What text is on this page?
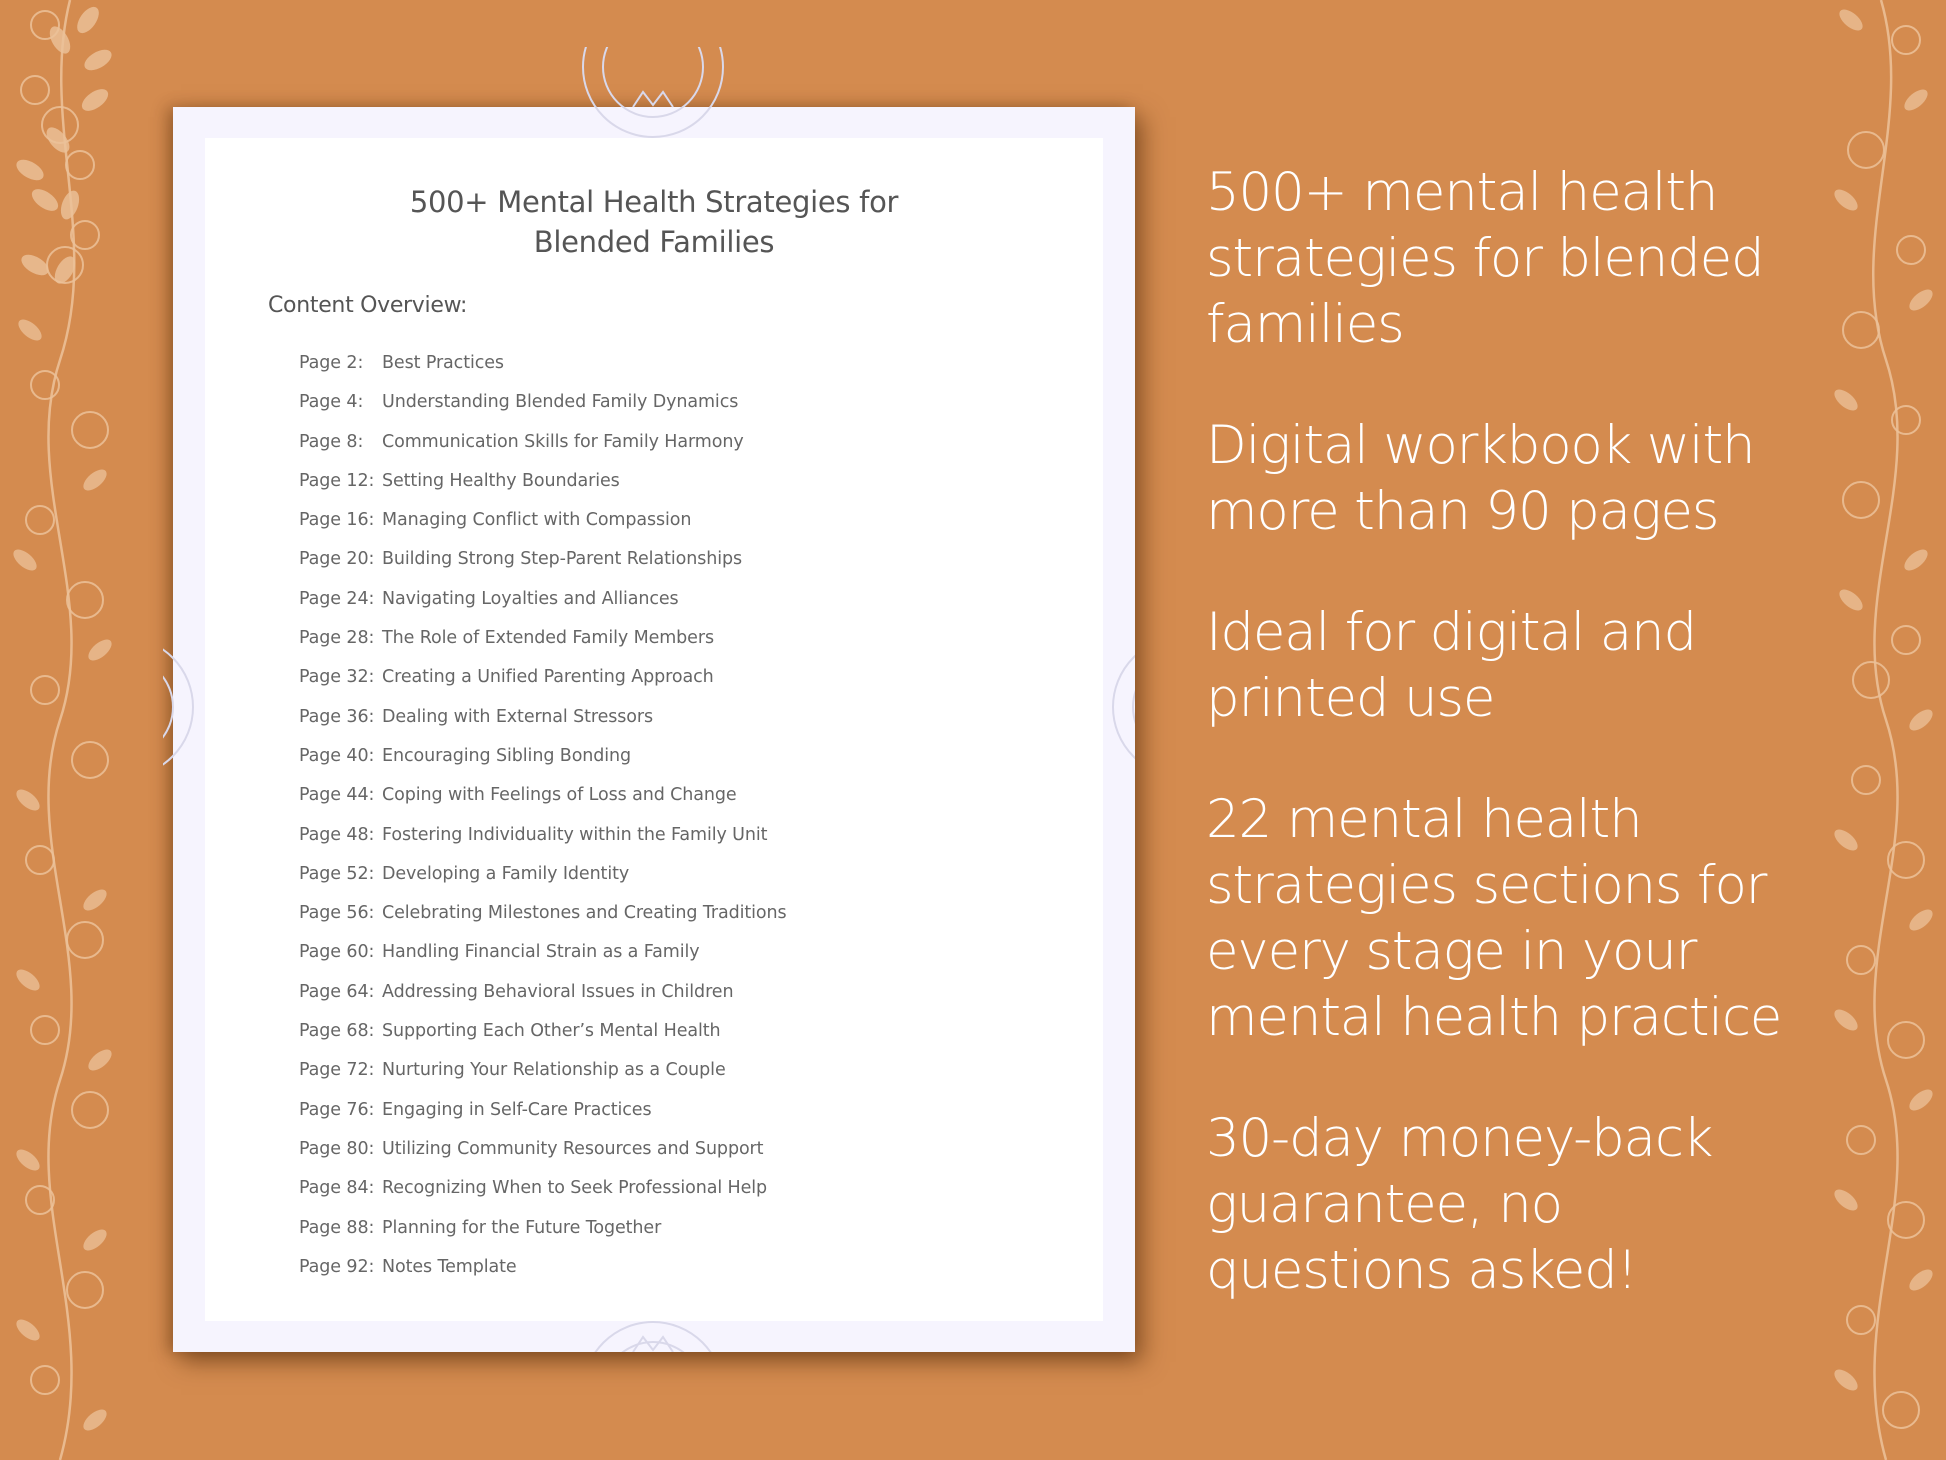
500+ Mental Health Strategies for
Blended Families
Content Overview:
Page 2: Best Practices
Page 4: Understanding Blended Family Dynamics
Page 8: Communication Skills for Family Harmony
Page 12: Setting Healthy Boundaries
Page 16: Managing Conflict with Compassion
Page 20: Building Strong Step-Parent Relationships
Page 24: Navigating Loyalties and Alliances
Page 28: The Role of Extended Family Members
Page 32: Creating a Unified Parenting Approach
Page 36: Dealing with External Stressors
Page 40: Encouraging Sibling Bonding
Page 44: Coping with Feelings of Loss and Change
Page 48: Fostering Individuality within the Family Unit
Page 52: Developing a Family Identity
Page 56: Celebrating Milestones and Creating Traditions
Page 60: Handling Financial Strain as a Family
Page 64: Addressing Behavioral Issues in Children
Page 68: Supporting Each Other’s Mental Health
Page 72: Nurturing Your Relationship as a Couple
Page 76: Engaging in Self-Care Practices
Page 80: Utilizing Community Resources and Support
Page 84: Recognizing When to Seek Professional Help
Page 88: Planning for the Future Together
Page 92: Notes Template
500+ mental health
strategies for blended
families
Digital workbook with
more than 90 pages
Ideal for digital and
printed use
22 mental health
strategies sections for
every stage in your
mental health practice
30-day money-back
guarantee, no
questions asked!
